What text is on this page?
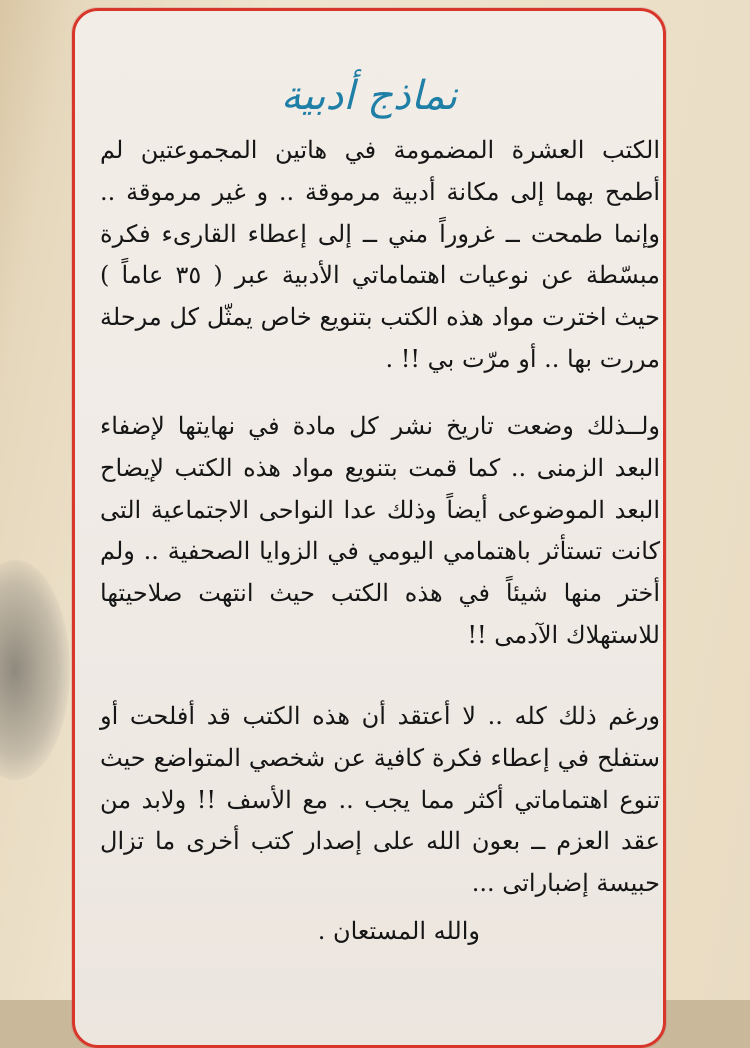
نماذج أدبية
الكتب العشرة المضمومة في هاتين المجموعتين لم أطمح بهما إلى مكانة أدبية مرموقة .. و غير مرموقة .. وإنما طمحت ــ غروراً مني ــ إلى إعطاء القارىء فكرة مبسّطة عن نوعيات اهتماماتي الأدبية عبر ( ٣٥ عاماً ) حيث اخترت مواد هذه الكتب بتنويع خاص يمثّل كل مرحلة مررت بها .. أو مرّت بي !! .
ولــذلك وضعت تاريخ نشر كل مادة في نهايتها لإضفاء البعد الزمنى .. كما قمت بتنويع مواد هذه الكتب لإيضاح البعد الموضوعى أيضاً وذلك عدا النواحى الاجتماعية التى كانت تستأثر باهتمامي اليومي في الزوايا الصحفية .. ولم أختر منها شيئاً في هذه الكتب حيث انتهت صلاحيتها للاستهلاك الآدمى !!
ورغم ذلك كله .. لا أعتقد أن هذه الكتب قد أفلحت أو ستفلح في إعطاء فكرة كافية عن شخصي المتواضع حيث تنوع اهتماماتي أكثر مما يجب .. مع الأسف !! ولابد من عقد العزم ــ بعون الله على إصدار كتب أخرى ما تزال حبيسة إضباراتى ...
والله المستعان .
